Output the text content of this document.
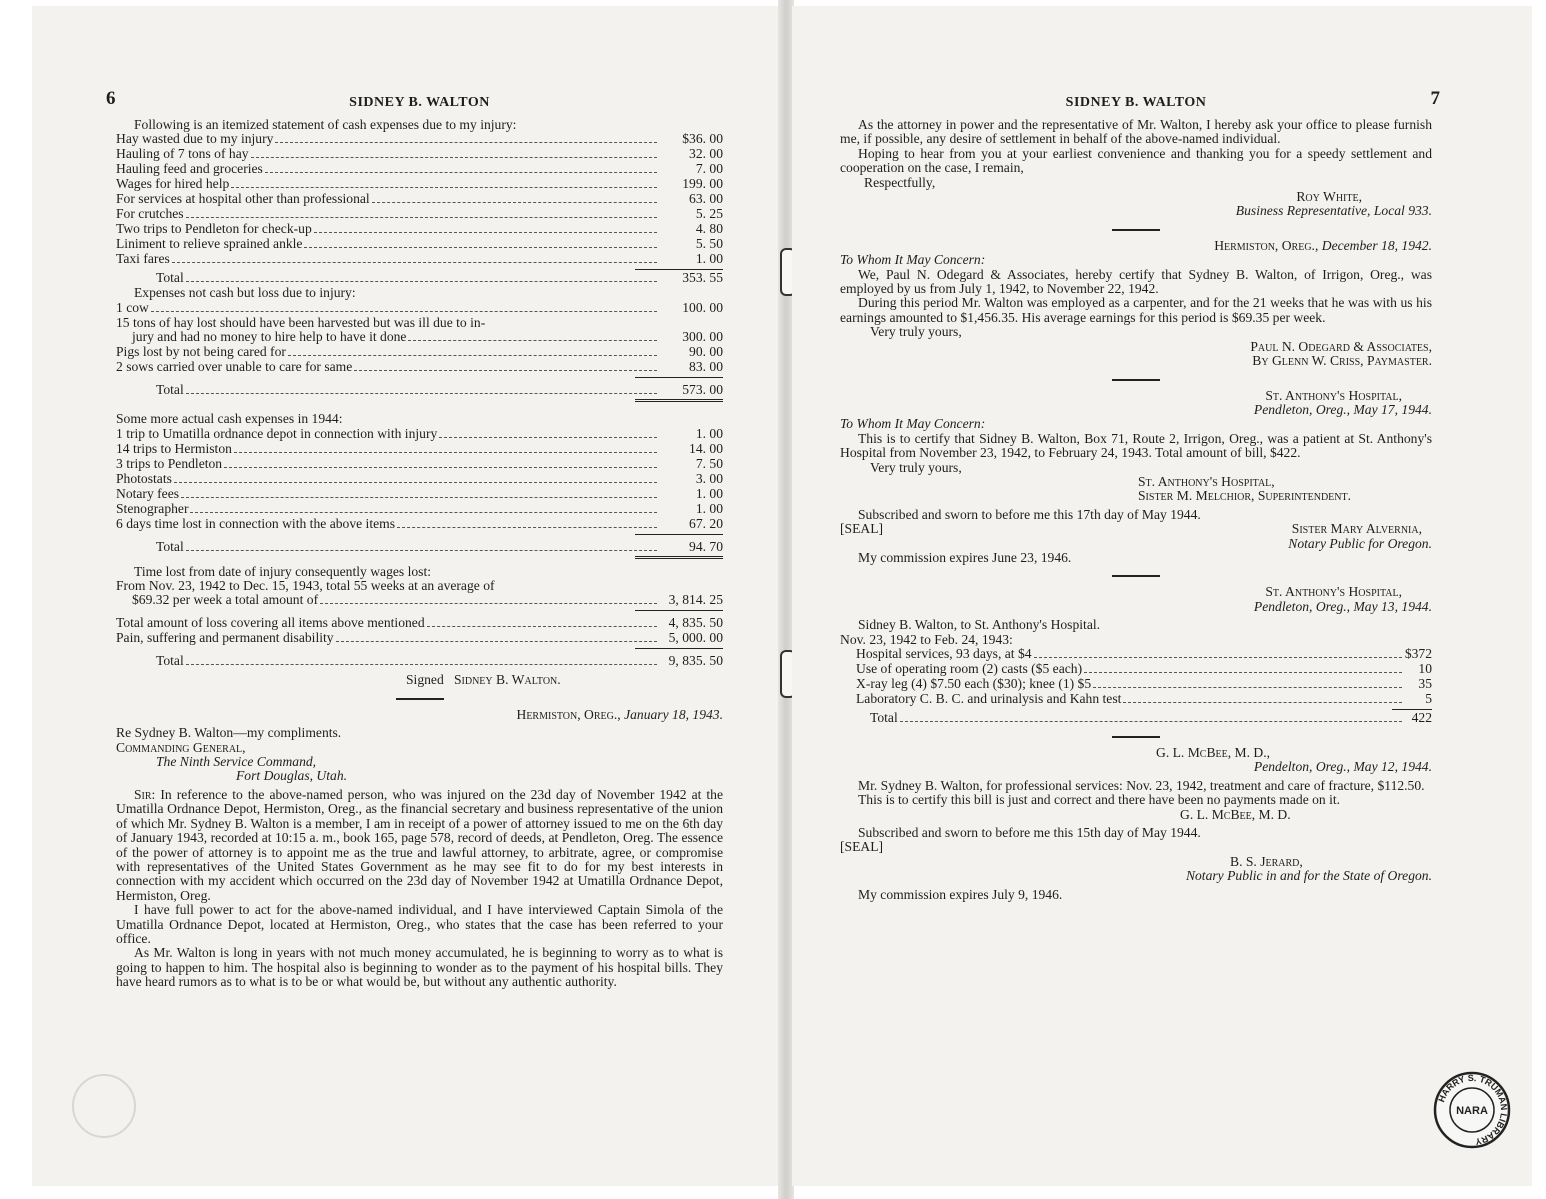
6	SIDNEY B. WALTON

Following is an itemized statement of cash expenses due to my injury:

Hay wasted due to my injury	$36. 00
Hauling of 7 tons of hay	32. 00
Hauling feed and groceries	7. 00
Wages for hired help	199. 00
For services at hospital other than professional	63. 00
For crutches	5. 25
Two trips to Pendleton for check-up	4. 80
Liniment to relieve sprained ankle	5. 50
Taxi fares	1. 00
Total	353. 55

Expenses not cash but loss due to injury:

1 cow	100. 00

15 tons of hay lost should have been harvested but was ill due to in-

jury and had no money to hire help to have it done	300. 00
Pigs lost by not being cared for	90. 00
2 sows carried over unable to care for same	83. 00
Total	573. 00

Some more actual cash expenses in 1944:

1 trip to Umatilla ordnance depot in connection with injury	1. 00
14 trips to Hermiston	14. 00
3 trips to Pendleton	7. 50
Photostats	3. 00
Notary fees	1. 00
Stenographer	1. 00
6 days time lost in connection with the above items	67. 20
Total	94. 70

Time lost from date of injury consequently wages lost:

From Nov. 23, 1942 to Dec. 15, 1943, total 55 weeks at an average of

$69.32 per week a total amount of	3, 814. 25
Total amount of loss covering all items above mentioned	4, 835. 50
Pain, suffering and permanent disability	5, 000. 00
Total	9, 835. 50

Signed Sidney B. Walton.

Hermiston, Oreg., January 18, 1943.

Re Sydney B. Walton—my compliments.

Commanding General,

The Ninth Service Command,

Fort Douglas, Utah.

Sir: In reference to the above-named person, who was injured on the 23d day of November 1942 at the Umatilla Ordnance Depot, Hermiston, Oreg., as the financial secretary and business representative of the union of which Mr. Sydney B. Walton is a member, I am in receipt of a power of attorney issued to me on the 6th day of January 1943, recorded at 10:15 a. m., book 165, page 578, record of deeds, at Pendleton, Oreg. The essence of the power of attorney is to appoint me as the true and lawful attorney, to arbitrate, agree, or compromise with representatives of the United States Government as he may see fit to do for my best interests in connection with my accident which occurred on the 23d day of November 1942 at Umatilla Ordnance Depot, Hermiston, Oreg.

I have full power to act for the above-named individual, and I have interviewed Captain Simola of the Umatilla Ordnance Depot, located at Hermiston, Oreg., who states that the case has been referred to your office.

As Mr. Walton is long in years with not much money accumulated, he is beginning to worry as to what is going to happen to him. The hospital also is beginning to wonder as to the payment of his hospital bills. They have heard rumors as to what is to be or what would be, but without any authentic authority.

SIDNEY B. WALTON	7

As the attorney in power and the representative of Mr. Walton, I hereby ask your office to please furnish me, if possible, any desire of settlement in behalf of the above-named individual.

Hoping to hear from you at your earliest convenience and thanking you for a speedy settlement and cooperation on the case, I remain,

Respectfully,

Roy White,

Business Representative, Local 933.

Hermiston, Oreg., December 18, 1942.

To Whom It May Concern:

We, Paul N. Odegard & Associates, hereby certify that Sydney B. Walton, of Irrigon, Oreg., was employed by us from July 1, 1942, to November 22, 1942.

During this period Mr. Walton was employed as a carpenter, and for the 21 weeks that he was with us his earnings amounted to $1,456.35. His average earnings for this period is $69.35 per week.

Very truly yours,

Paul N. Odegard & Associates,

By Glenn W. Criss, Paymaster.

St. Anthony's Hospital,

Pendleton, Oreg., May 17, 1944.

To Whom It May Concern:

This is to certify that Sidney B. Walton, Box 71, Route 2, Irrigon, Oreg., was a patient at St. Anthony's Hospital from November 23, 1942, to February 24, 1943. Total amount of bill, $422.

Very truly yours,

St. Anthony's Hospital,

Sister M. Melchior, Superintendent.

Subscribed and sworn to before me this 17th day of May 1944.

[SEAL]	Sister Mary Alvernia,

Notary Public for Oregon.

My commission expires June 23, 1946.

St. Anthony's Hospital,

Pendleton, Oreg., May 13, 1944.

Sidney B. Walton, to St. Anthony's Hospital.

Nov. 23, 1942 to Feb. 24, 1943:

Hospital services, 93 days, at $4	$372
Use of operating room (2) casts ($5 each)	10
X-ray leg (4) $7.50 each ($30); knee (1) $5	35
Laboratory C. B. C. and urinalysis and Kahn test	5
Total	422

G. L. McBee, M. D.,

Pendelton, Oreg., May 12, 1944.

Mr. Sydney B. Walton, for professional services: Nov. 23, 1942, treatment and care of fracture, $112.50.

This is to certify this bill is just and correct and there have been no payments made on it.

G. L. McBee, M. D.

Subscribed and sworn to before me this 15th day of May 1944.

[SEAL]

B. S. Jerard,

Notary Public in and for the State of Oregon.

My commission expires July 9, 1946.

HARRY S. TRUMAN LIBRARY
NARA
